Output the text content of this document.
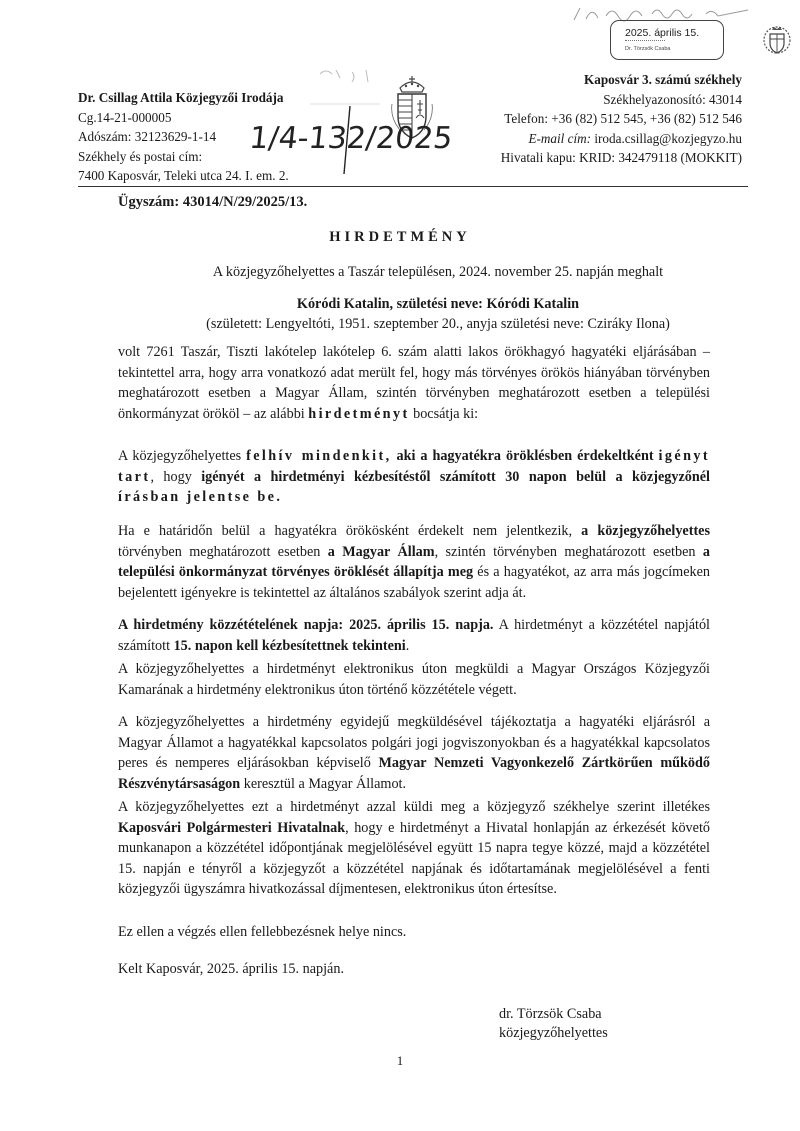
2025. április 15.
Dr. Törzsök Csaba
Dr. Csillag Attila Közjegyzői Irodája
Cg.14-21-000005
Adószám: 32123629-1-14
Székhely és postai cím:
7400 Kaposvár, Teleki utca 24. I. em. 2.
1/4-132/2025
Kaposvár 3. számú székhely
Székhelyazonosító: 43014
Telefon: +36 (82) 512 545, +36 (82) 512 546
E-mail cím: iroda.csillag@kozjegyzo.hu
Hivatali kapu: KRID: 342479118 (MOKKIT)
Ügyszám: 43014/N/29/2025/13.
HIRDETMÉNY
A közjegyzőhelyettes a Taszár településen, 2024. november 25. napján meghalt
Kóródi Katalin, születési neve: Kóródi Katalin
(született: Lengyeltóti, 1951. szeptember 20., anyja születési neve: Cziráky Ilona)
volt 7261 Taszár, Tiszti lakótelep lakótelep 6. szám alatti lakos örökhagyó hagyatéki eljárásában – tekintettel arra, hogy arra vonatkozó adat merült fel, hogy más törvényes örökös hiányában törvényben meghatározott esetben a Magyar Állam, szintén törvényben meghatározott esetben a települési önkormányzat örököl – az alábbi hirdetményt bocsátja ki:
A közjegyzőhelyettes felhív mindenkit, aki a hagyatékra öröklésben érdekeltként igényt tart, hogy igényét a hirdetményi kézbesítéstől számított 30 napon belül a közjegyzőnél írásban jelentse be.
Ha e határidőn belül a hagyatékra örökösként érdekelt nem jelentkezik, a közjegyzőhelyettes törvényben meghatározott esetben a Magyar Állam, szintén törvényben meghatározott esetben a települési önkormányzat törvényes öröklését állapítja meg és a hagyatékot, az arra más jogcímeken bejelentett igényekre is tekintettel az általános szabályok szerint adja át.
A hirdetmény közzétételének napja: 2025. április 15. napja. A hirdetményt a közzététel napjától számított 15. napon kell kézbesítettnek tekinteni.
A közjegyzőhelyettes a hirdetményt elektronikus úton megküldi a Magyar Országos Közjegyzői Kamarának a hirdetmény elektronikus úton történő közzététele végett.
A közjegyzőhelyettes a hirdetmény egyidejű megküldésével tájékoztatja a hagyatéki eljárásról a Magyar Államot a hagyatékkal kapcsolatos polgári jogi jogviszonyokban és a hagyatékkal kapcsolatos peres és nemperes eljárásokban képviselő Magyar Nemzeti Vagyonkezelő Zártkörűen működő Részvénytársaságon keresztül a Magyar Államot.
A közjegyzőhelyettes ezt a hirdetményt azzal küldi meg a közjegyző székhelye szerint illetékes Kaposvári Polgármesteri Hivatalnak, hogy e hirdetményt a Hivatal honlapján az érkezését követő munkanapon a közzététel időpontjának megjelölésével együtt 15 napra tegye közzé, majd a közzététel 15. napján e tényről a közjegyzőt a közzététel napjának és időtartamának megjelölésével a fenti közjegyzői ügyszámra hivatkozással díjmentesen, elektronikus úton értesítse.
Ez ellen a végzés ellen fellebbezésnek helye nincs.
Kelt Kaposvár, 2025. április 15. napján.
dr. Törzsök Csaba
közjegyzőhelyettes
1
